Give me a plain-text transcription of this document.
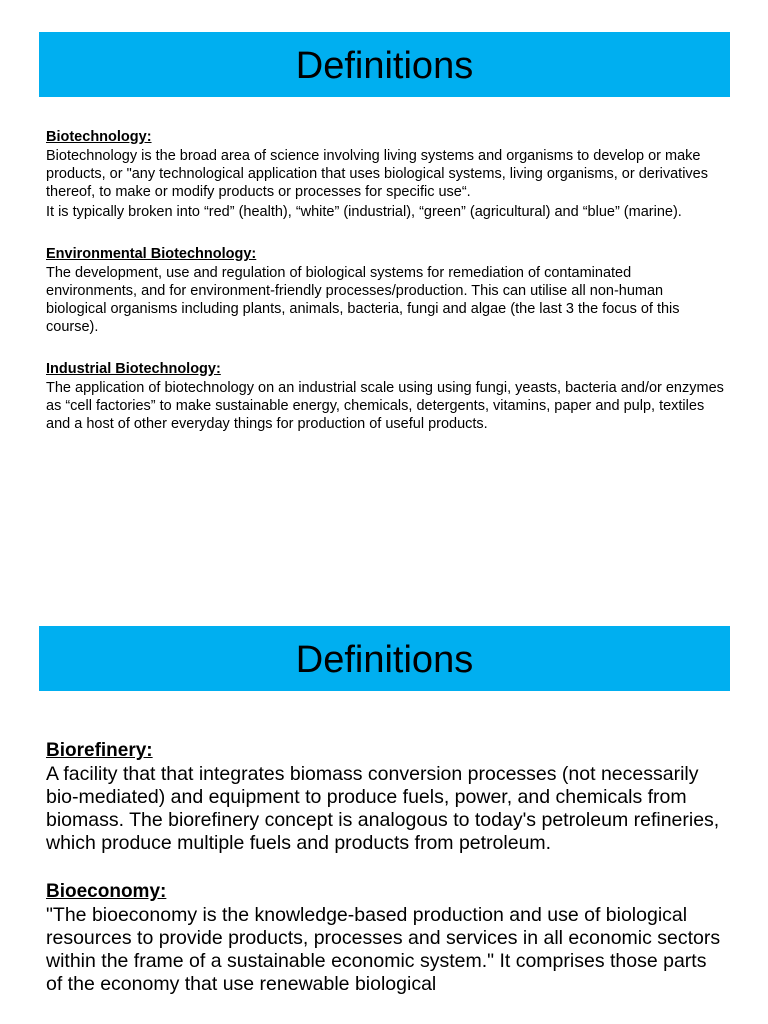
Definitions
Biotechnology:

Biotechnology is the broad area of science involving living systems and organisms to develop or make products, or "any technological application that uses biological systems, living organisms, or derivatives thereof, to make or modify products or processes for specific use“.

It is typically broken into “red” (health), “white” (industrial), “green” (agricultural) and “blue” (marine).

Environmental Biotechnology:

The development, use and regulation of biological systems for remediation of contaminated environments, and for environment-friendly processes/production. This can utilise all non-human biological organisms including plants, animals, bacteria, fungi and algae (the last 3 the focus of this course).

Industrial Biotechnology:

The application of biotechnology on an industrial scale using using fungi, yeasts, bacteria and/or enzymes as “cell factories” to make sustainable energy, chemicals, detergents, vitamins, paper and pulp, textiles and a host of other everyday things for production of useful products.

Definitions
Biorefinery:

A facility that that integrates biomass conversion processes (not necessarily bio-mediated) and equipment to produce fuels, power, and chemicals from biomass. The biorefinery concept is analogous to today's petroleum refineries, which produce multiple fuels and products from petroleum.

Bioeconomy:

"The bioeconomy is the knowledge-based production and use of biological resources to provide products, processes and services in all economic sectors within the frame of a sustainable economic system." It comprises those parts of the economy that use renewable biological
